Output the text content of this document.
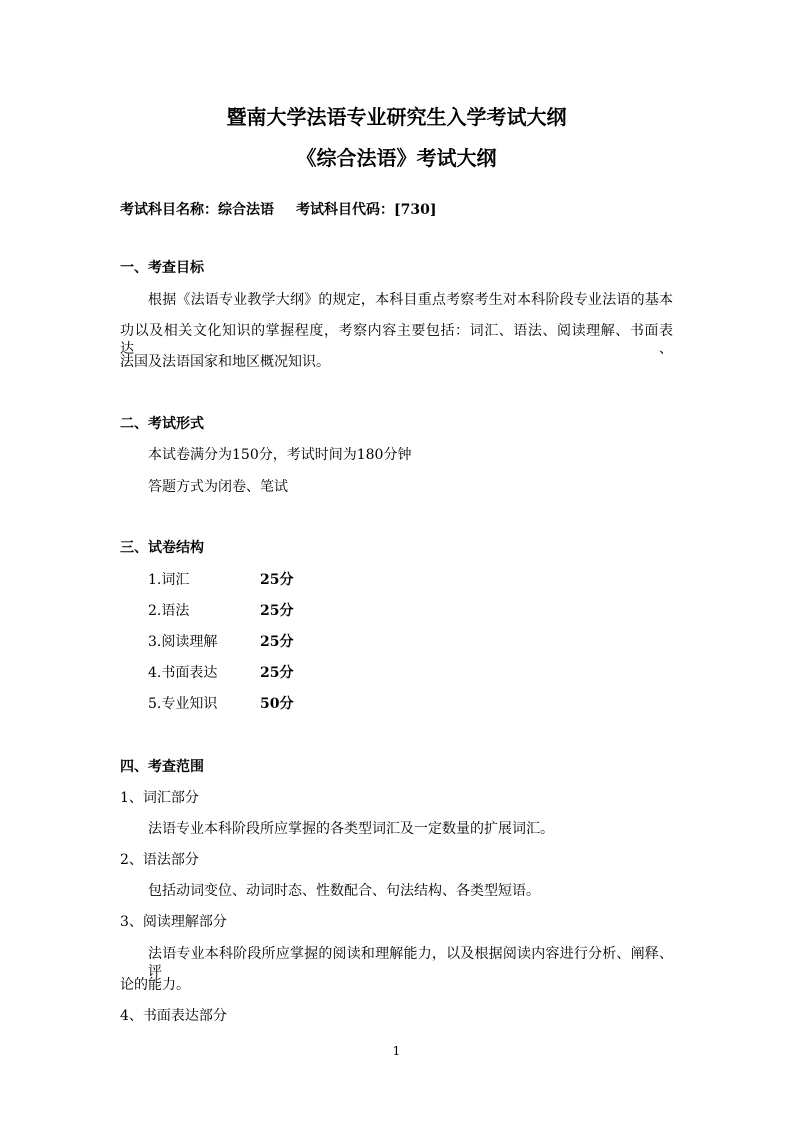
暨南大学法语专业研究生入学考试大纲
《综合法语》考试大纲
考试科目名称：综合法语 考试科目代码：[730]
一、考查目标
根据《法语专业教学大纲》的规定，本科目重点考察考生对本科阶段专业法语的基本
功以及相关文化知识的掌握程度，考察内容主要包括：词汇、语法、阅读理解、书面表达、
法国及法语国家和地区概况知识。
二、考试形式
本试卷满分为150分，考试时间为180分钟
答题方式为闭卷、笔试
三、试卷结构
1.词汇	25分
2.语法	25分
3.阅读理解	25分
4.书面表达	25分
5.专业知识	50分
四、考查范围
1、词汇部分
法语专业本科阶段所应掌握的各类型词汇及一定数量的扩展词汇。
2、语法部分
包括动词变位、动词时态、性数配合、句法结构、各类型短语。
3、阅读理解部分
法语专业本科阶段所应掌握的阅读和理解能力，以及根据阅读内容进行分析、阐释、评
论的能力。
4、书面表达部分
1
